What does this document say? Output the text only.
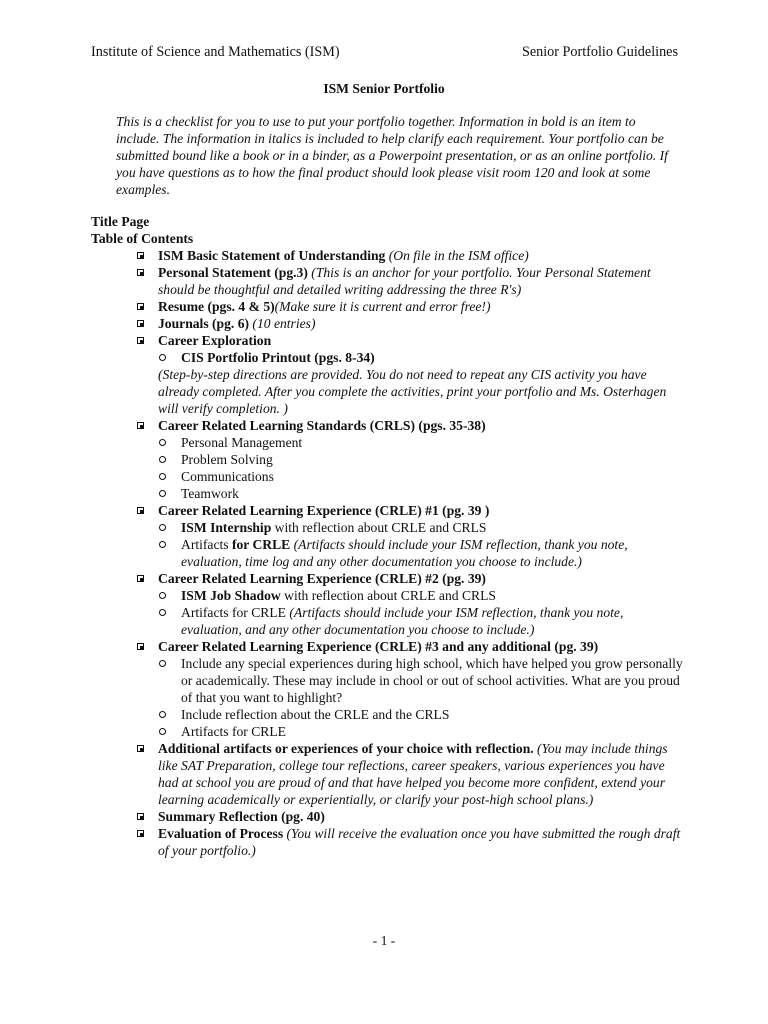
Institute of Science and Mathematics (ISM)	Senior Portfolio Guidelines
ISM Senior Portfolio
This is a checklist for you to use to put your portfolio together. Information in bold is an item to include. The information in italics is included to help clarify each requirement. Your portfolio can be submitted bound like a book or in a binder, as a Powerpoint presentation, or as an online portfolio. If you have questions as to how the final product should look please visit room 120 and look at some examples.
Title Page
Table of Contents
ISM Basic Statement of Understanding (On file in the ISM office)
Personal Statement (pg.3) (This is an anchor for your portfolio. Your Personal Statement should be thoughtful and detailed writing addressing the three R's)
Resume (pgs. 4 & 5)(Make sure it is current and error free!)
Journals (pg. 6) (10 entries)
Career Exploration
CIS Portfolio Printout (pgs. 8-34)
(Step-by-step directions are provided. You do not need to repeat any CIS activity you have already completed. After you complete the activities, print your portfolio and Ms. Osterhagen will verify completion. )
Career Related Learning Standards (CRLS) (pgs. 35-38)
Personal Management
Problem Solving
Communications
Teamwork
Career Related Learning Experience (CRLE) #1 (pg. 39 )
ISM Internship with reflection about CRLE and CRLS
Artifacts for CRLE (Artifacts should include your ISM reflection, thank you note, evaluation, time log and any other documentation you choose to include.)
Career Related Learning Experience (CRLE) #2 (pg. 39)
ISM Job Shadow with reflection about CRLE and CRLS
Artifacts for CRLE (Artifacts should include your ISM reflection, thank you note, evaluation, and any other documentation you choose to include.)
Career Related Learning Experience (CRLE) #3 and any additional (pg. 39)
Include any special experiences during high school, which have helped you grow personally or academically. These may include in chool or out of school activities. What are you proud of that you want to highlight?
Include reflection about the CRLE and the CRLS
Artifacts for CRLE
Additional artifacts or experiences of your choice with reflection. (You may include things like SAT Preparation, college tour reflections, career speakers, various experiences you have had at school you are proud of and that have helped you become more confident, extend your learning academically or experientially, or clarify your post-high school plans.)
Summary Reflection (pg. 40)
Evaluation of Process (You will receive the evaluation once you have submitted the rough draft of your portfolio.)
- 1 -
